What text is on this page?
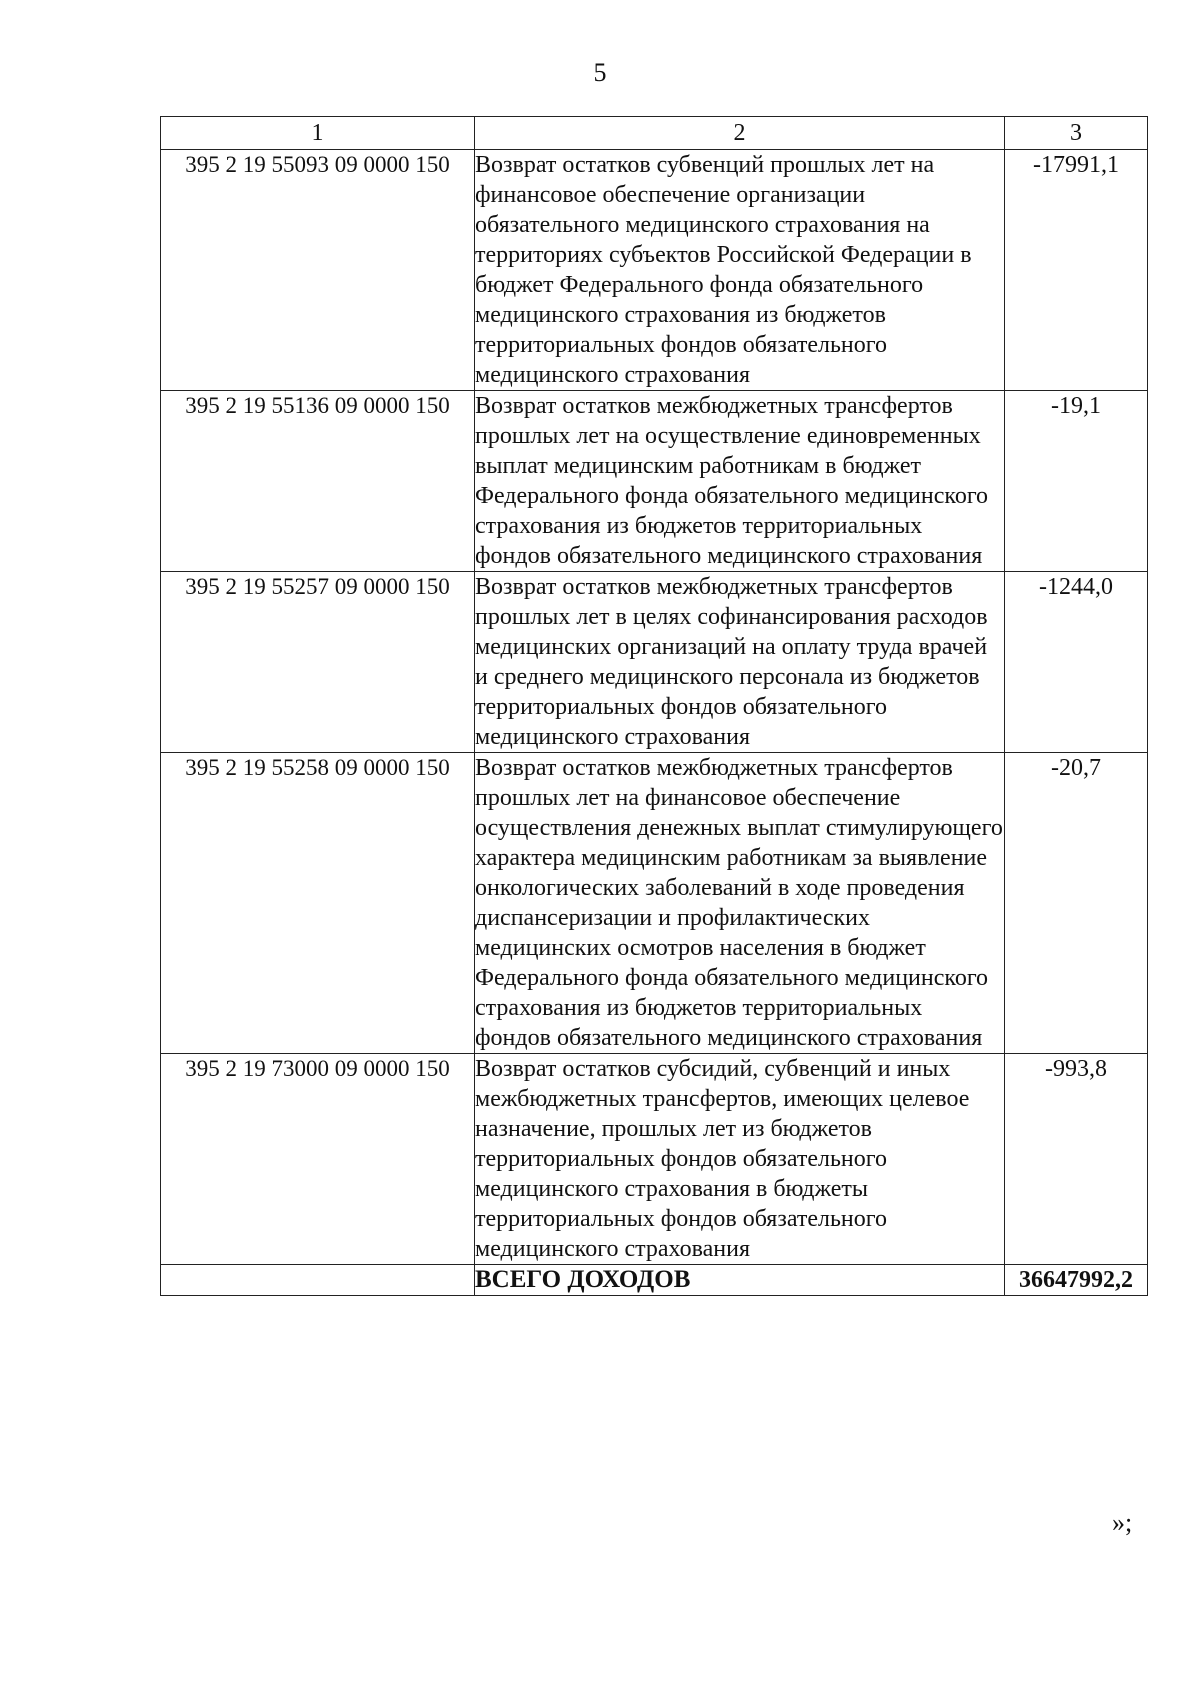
5
1	2	3
395 2 19 55093 09 0000 150	Возврат остатков субвенций прошлых лет на финансовое обеспечение организации обязательного медицинского страхования на территориях субъектов Российской Федерации в бюджет Федерального фонда обязательного медицинского страхования из бюджетов территориальных фондов обязательного медицинского страхования	-17991,1
395 2 19 55136 09 0000 150	Возврат остатков межбюджетных трансфертов прошлых лет на осуществление единовременных выплат медицинским работникам в бюджет Федерального фонда обязательного медицинского страхования из бюджетов территориальных фондов обязательного медицинского страхования	-19,1
395 2 19 55257 09 0000 150	Возврат остатков межбюджетных трансфертов прошлых лет в целях софинансирования расходов медицинских организаций на оплату труда врачей и среднего медицинского персонала из бюджетов территориальных фондов обязательного медицинского страхования	-1244,0
395 2 19 55258 09 0000 150	Возврат остатков межбюджетных трансфертов прошлых лет на финансовое обеспечение осуществления денежных выплат стимулирующего характера медицинским работникам за выявление онкологических заболеваний в ходе проведения диспансеризации и профилактических медицинских осмотров населения в бюджет Федерального фонда обязательного медицинского страхования из бюджетов территориальных фондов обязательного медицинского страхования	-20,7
395 2 19 73000 09 0000 150	Возврат остатков субсидий, субвенций и иных межбюджетных трансфертов, имеющих целевое назначение, прошлых лет из бюджетов территориальных фондов обязательного медицинского страхования в бюджеты территориальных фондов обязательного медицинского страхования	-993,8
	ВСЕГО ДОХОДОВ	36647992,2
»;
